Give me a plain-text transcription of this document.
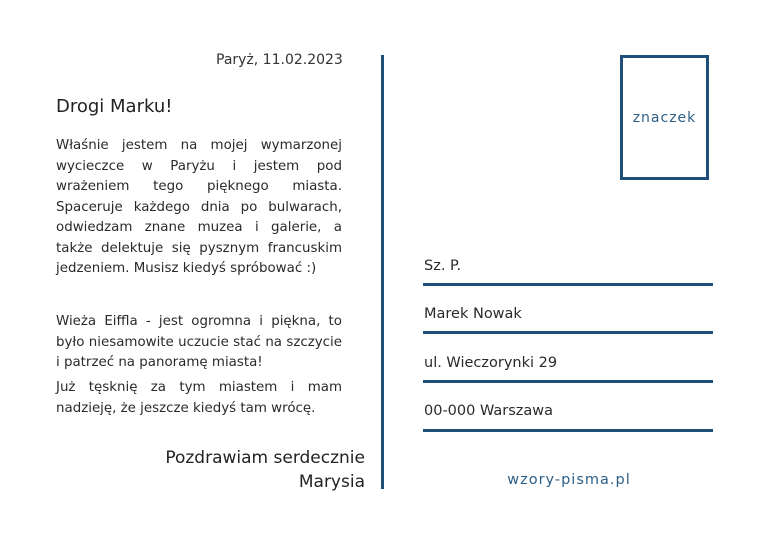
Paryż, 11.02.2023
Drogi Marku!

Właśnie jestem na mojej wymarzonej wycieczce w Paryżu i jestem pod wrażeniem tego pięknego miasta. Spaceruje każdego dnia po bulwarach, odwiedzam znane muzea i galerie, a także delektuje się pysznym francuskim jedzeniem. Musisz kiedyś spróbować :)

Wieża Eiffla - jest ogromna i piękna, to było niesamowite uczucie stać na szczycie i patrzeć na panoramę miasta!

Już tęsknię za tym miastem i mam nadzieję, że jeszcze kiedyś tam wrócę.

Pozdrawiam serdecznie
Marysia
znaczek
Sz. P.
Marek Nowak
ul. Wieczorynki 29
00-000 Warszawa
wzory-pisma.pl
